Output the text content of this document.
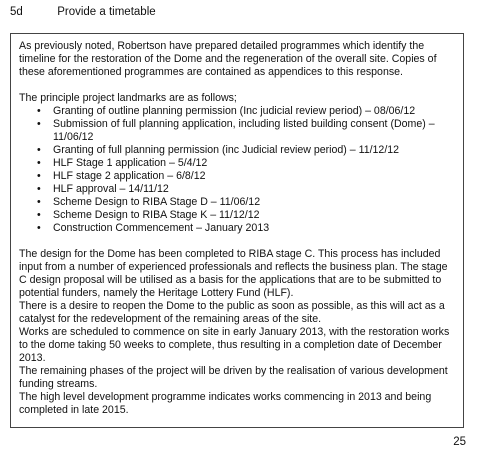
5d	Provide a timetable

As previously noted, Robertson have prepared detailed programmes which identify the timeline for the restoration of the Dome and the regeneration of the overall site. Copies of these aforementioned programmes are contained as appendices to this response.

The principle project landmarks are as follows;

• Granting of outline planning permission (Inc judicial review period) – 08/06/12
• Submission of full planning application, including listed building consent (Dome) – 11/06/12
• Granting of full planning permission (inc Judicial review period) – 11/12/12
• HLF Stage 1 application – 5/4/12
• HLF stage 2 application – 6/8/12
• HLF approval – 14/11/12
• Scheme Design to RIBA Stage D – 11/06/12
• Scheme Design to RIBA Stage K – 11/12/12
• Construction Commencement – January 2013

The design for the Dome has been completed to RIBA stage C. This process has included input from a number of experienced professionals and reflects the business plan. The stage C design proposal will be utilised as a basis for the applications that are to be submitted to potential funders, namely the Heritage Lottery Fund (HLF).

There is a desire to reopen the Dome to the public as soon as possible, as this will act as a catalyst for the redevelopment of the remaining areas of the site.

Works are scheduled to commence on site in early January 2013, with the restoration works to the dome taking 50 weeks to complete, thus resulting in a completion date of December 2013.

The remaining phases of the project will be driven by the realisation of various development funding streams.

The high level development programme indicates works commencing in 2013 and being completed in late 2015.

25
